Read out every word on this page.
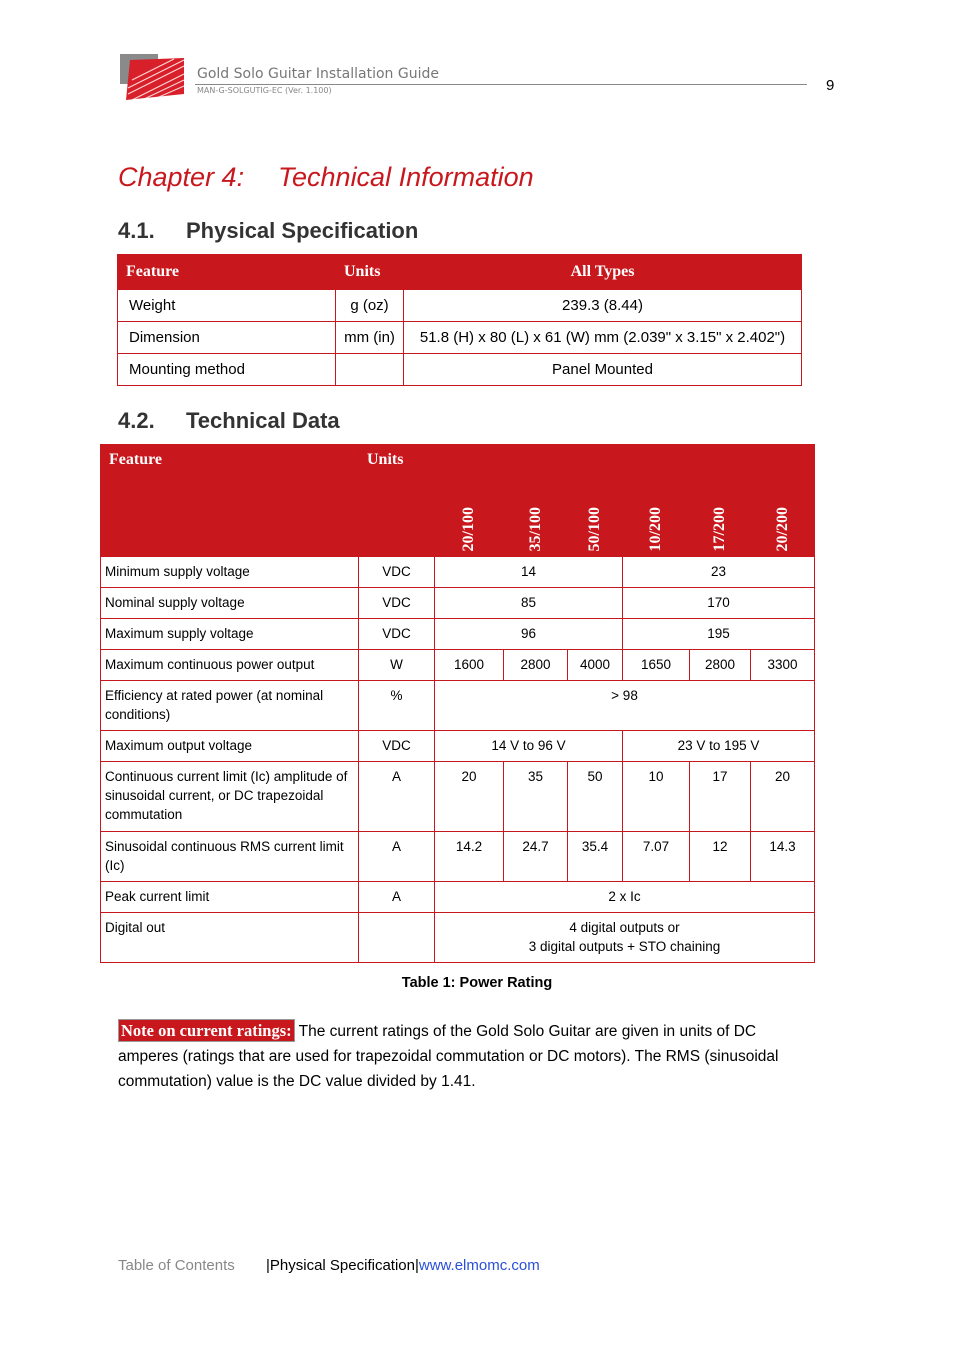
Gold Solo Guitar Installation Guide
MAN-G-SOLGUTIG-EC (Ver. 1.100)	9
Chapter 4: Technical Information
4.1. Physical Specification
Feature	Units	All Types
Weight	g (oz)	239.3 (8.44)
Dimension	mm (in)	51.8 (H) x 80 (L) x 61 (W) mm (2.039" x 3.15" x 2.402")
Mounting method		Panel Mounted
4.2. Technical Data
Feature	Units	20/100	35/100	50/100	10/200	17/200	20/200

Minimum supply voltage	VDC	14			23		
Nominal supply voltage	VDC	85			170		
Maximum supply voltage	VDC	96			195		
Maximum continuous power output	W	1600	2800	4000	1650	2800	3300
Efficiency at rated power (at nominal conditions)	%	> 98					
Maximum output voltage	VDC	14 V to 96 V			23 V to 195 V		
Continuous current limit (Ic) amplitude of sinusoidal current, or DC trapezoidal commutation	A	20	35	50	10	17	20
Sinusoidal continuous RMS current limit (Ic)	A	14.2	24.7	35.4	7.07	12	14.3
Peak current limit	A	2 x Ic					
Digital out		4 digital outputs or
3 digital outputs + STO chaining					
Table 1: Power Rating
Note on current ratings: The current ratings of the Gold Solo Guitar are given in units of DC amperes (ratings that are used for trapezoidal commutation or DC motors). The RMS (sinusoidal commutation) value is the DC value divided by 1.41.
Table of Contents |Physical Specification|www.elmomc.com
